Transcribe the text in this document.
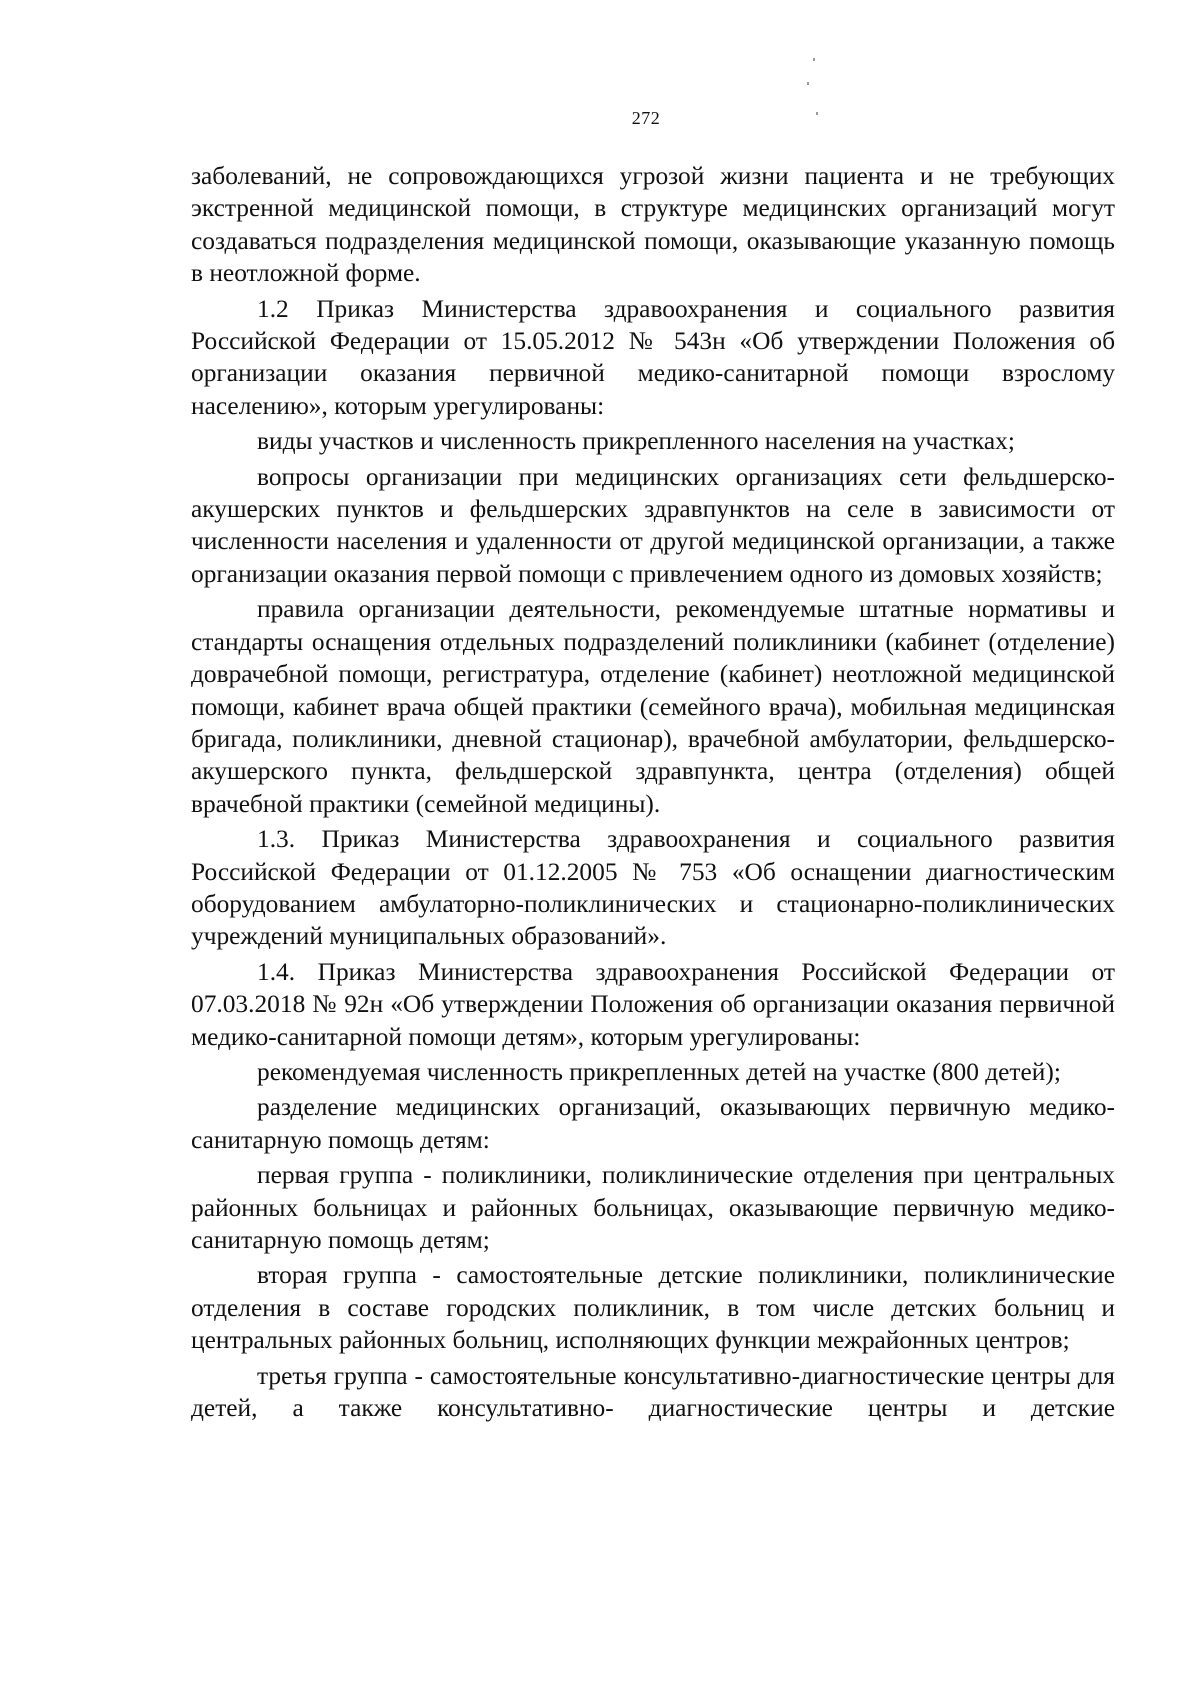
272

заболеваний, не сопровождающихся угрозой жизни пациента и не требующих экстренной медицинской помощи, в структуре медицинских организаций могут создаваться подразделения медицинской помощи, оказывающие указанную помощь в неотложной форме.

1.2 Приказ Министерства здравоохранения и социального развития Российской Федерации от 15.05.2012 № 543н «Об утверждении Положения об организации оказания первичной медико-санитарной помощи взрослому населению», которым урегулированы:

виды участков и численность прикрепленного населения на участках;

вопросы организации при медицинских организациях сети фельдшерско-акушерских пунктов и фельдшерских здравпунктов на селе в зависимости от численности населения и удаленности от другой медицинской организации, а также организации оказания первой помощи с привлечением одного из домовых хозяйств;

правила организации деятельности, рекомендуемые штатные нормативы и стандарты оснащения отдельных подразделений поликлиники (кабинет (отделение) доврачебной помощи, регистратура, отделение (кабинет) неотложной медицинской помощи, кабинет врача общей практики (семейного врача), мобильная медицинская бригада, поликлиники, дневной стационар), врачебной амбулатории, фельдшерско-акушерского пункта, фельдшерской здравпункта, центра (отделения) общей врачебной практики (семейной медицины).

1.3. Приказ Министерства здравоохранения и социального развития Российской Федерации от 01.12.2005 № 753 «Об оснащении диагностическим оборудованием амбулаторно-поликлинических и стационарно-поликлинических учреждений муниципальных образований».

1.4. Приказ Министерства здравоохранения Российской Федерации от 07.03.2018 № 92н «Об утверждении Положения об организации оказания первичной медико-санитарной помощи детям», которым урегулированы:

рекомендуемая численность прикрепленных детей на участке (800 детей);

разделение медицинских организаций, оказывающих первичную медико-санитарную помощь детям:

первая группа - поликлиники, поликлинические отделения при центральных районных больницах и районных больницах, оказывающие первичную медико-санитарную помощь детям;

вторая группа - самостоятельные детские поликлиники, поликлинические отделения в составе городских поликлиник, в том числе детских больниц и центральных районных больниц, исполняющих функции межрайонных центров;

третья группа - самостоятельные консультативно-диагностические центры для детей, а также консультативно- диагностические центры и детские
